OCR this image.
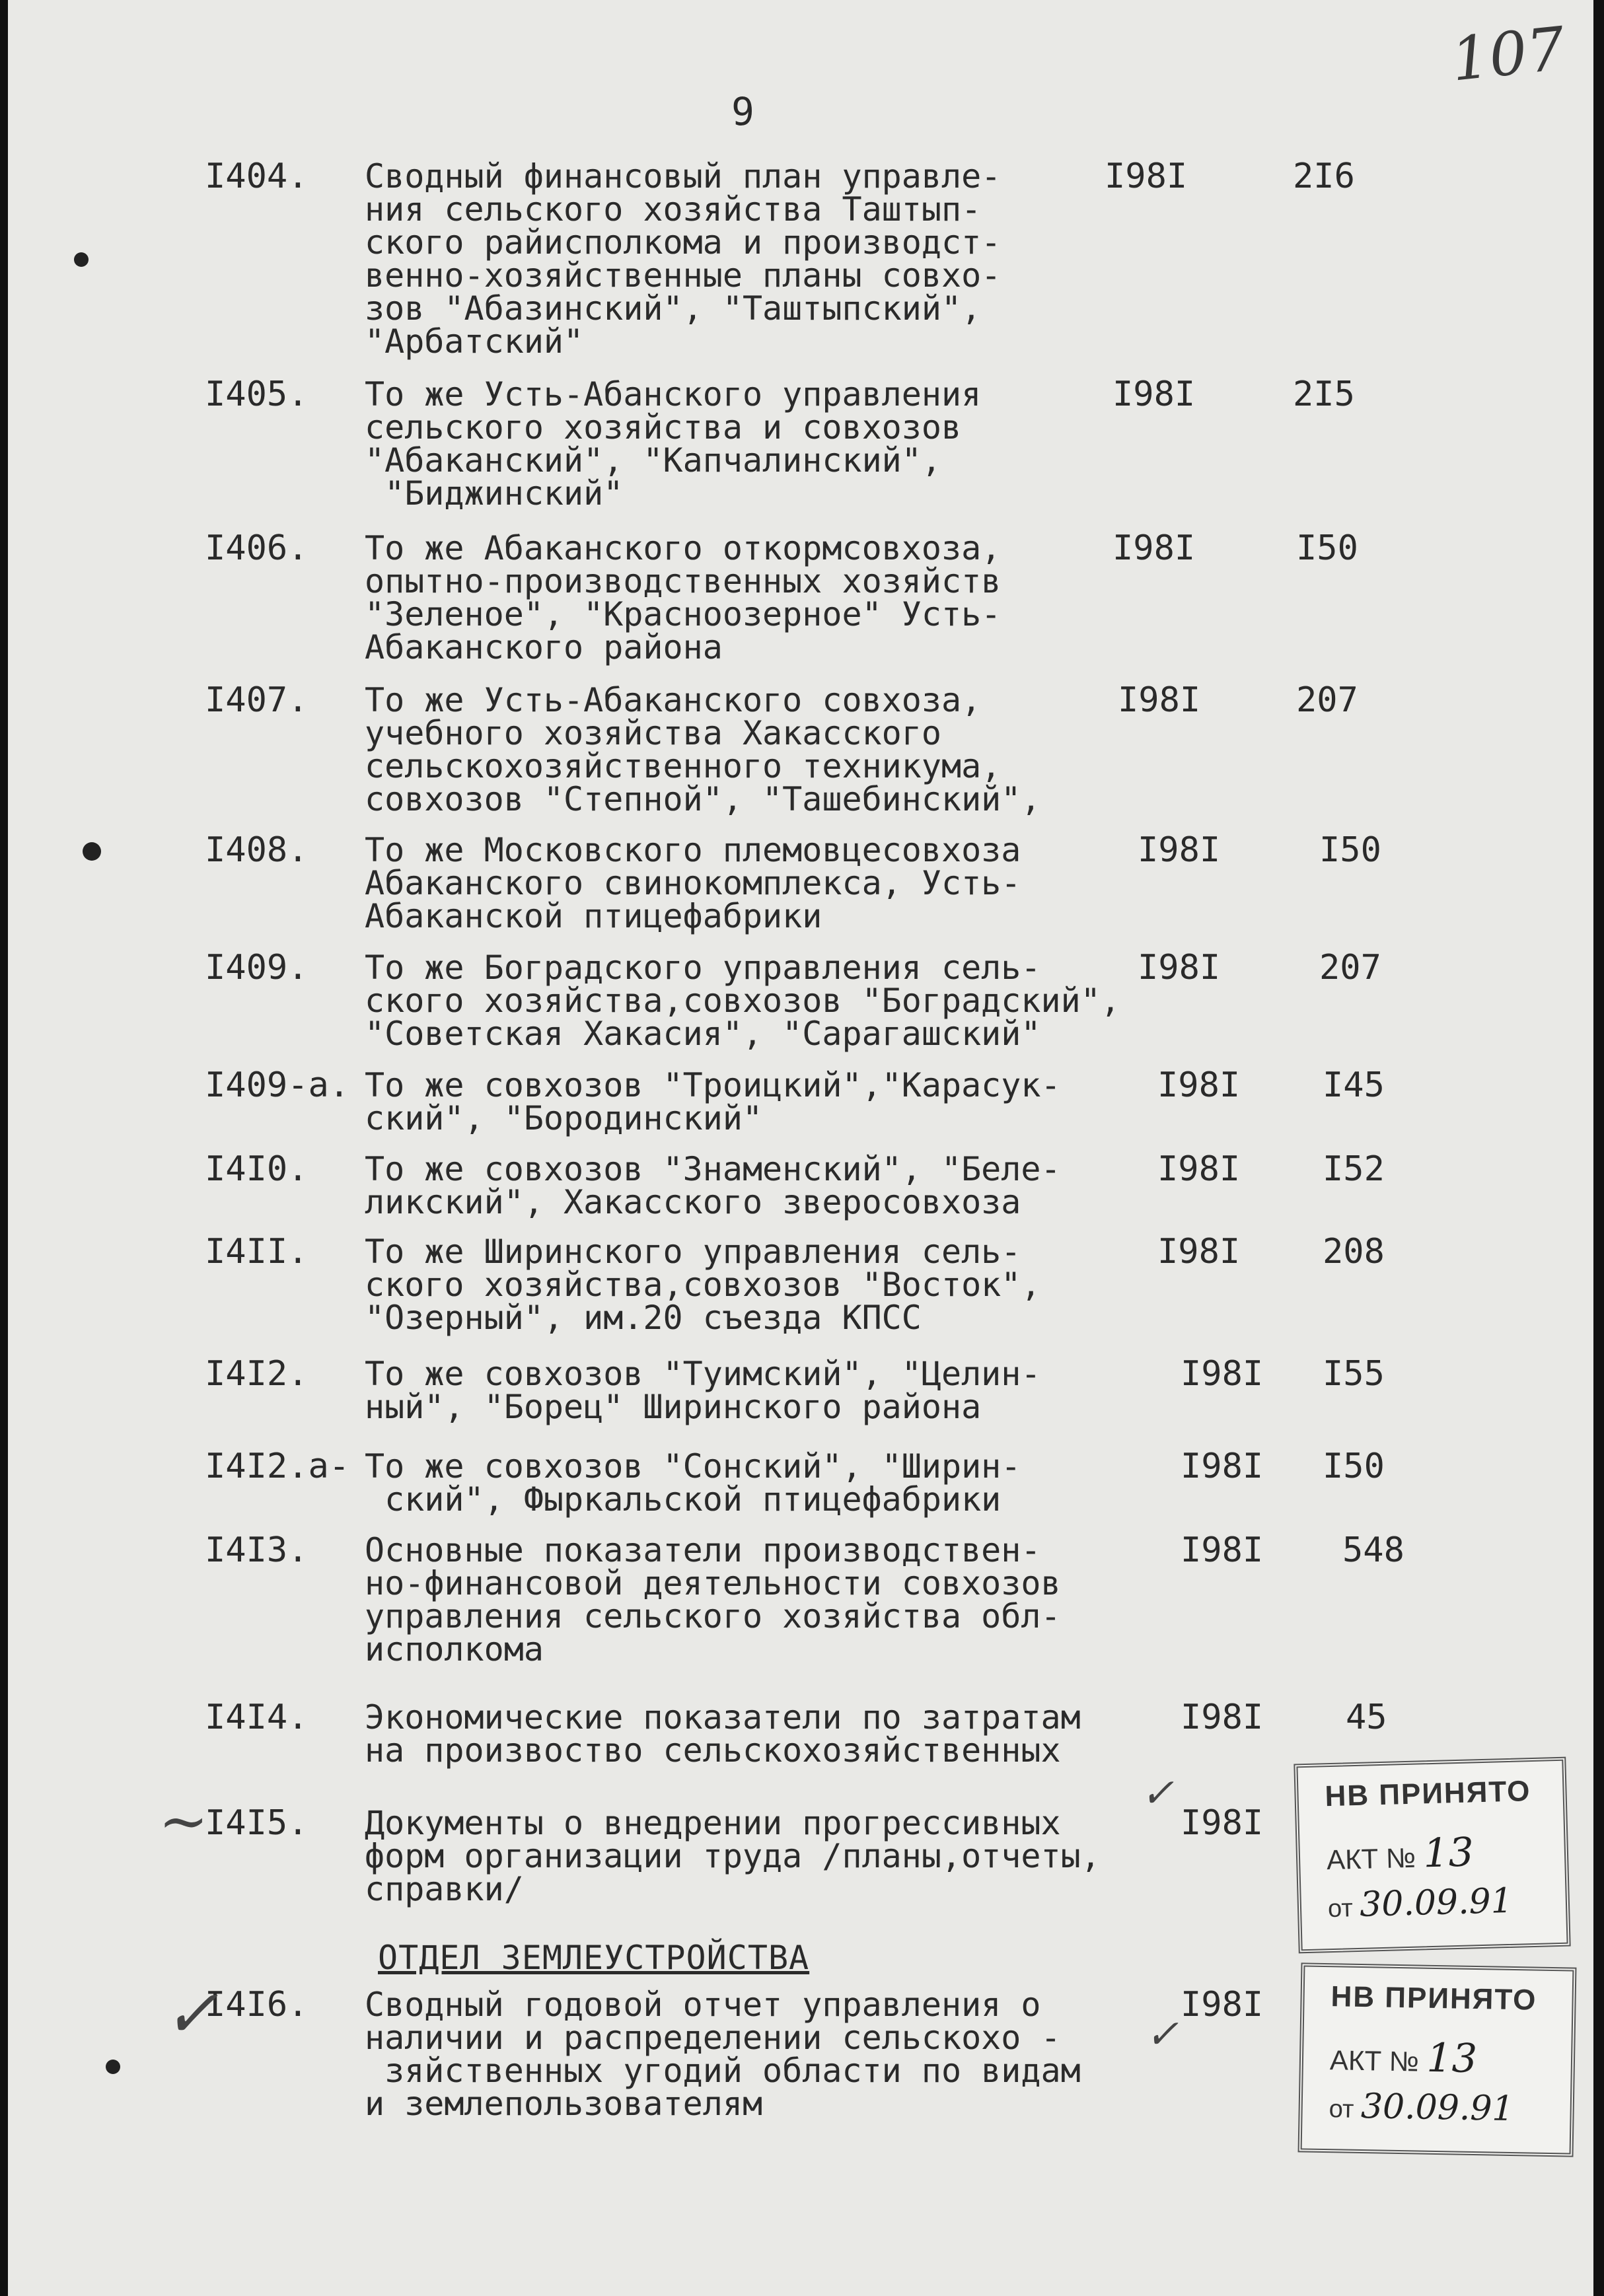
107
9
I404. Сводный финансовый план управле-
ния сельского хозяйства Таштып-
ского райисполкома и производст-
венно-хозяйственные планы совхо-
зов "Абазинский", "Таштыпский",
"Арбатский"
I98I	2I6
I405. То же Усть-Абанского управления
сельского хозяйства и совхозов
"Абаканский", "Капчалинский",
"Биджинский"
I98I	2I5
I406. То же Абаканского откормсовхоза,
опытно-производственных хозяйств
"Зеленое", "Красноозерное" Усть-
Абаканского района
I98I	I50
I407. То же Усть-Абаканского совхоза,
учебного хозяйства Хакасского
сельскохозяйственного техникума,
совхозов "Степной", "Ташебинский",
I98I	207
I408. То же Московского племовцесовхоза
Абаканского свинокомплекса, Усть-
Абаканской птицефабрики
I98I	I50
I409. То же Боградского управления сель-
ского хозяйства,совхозов "Боградский",
"Советская Хакасия", "Сарагашский"
I98I	207
I409-а. То же совхозов "Троицкий","Карасук-
ский", "Бородинский"
I98I I45
I4I0. То же совхозов "Знаменский", "Беле-
ликский", Хакасского зверосовхоза
I98I I52
I4II. То же Ширинского управления сель-
ского хозяйства,совхозов "Восток",
"Озерный", им.20 съезда КПСС
I98I 208
I4I2. То же совхозов "Туимский", "Целин-
ный", "Борец" Ширинского района
I98I I55
I4I2.а- То же совхозов "Сонский", "Ширин-
ский", Фыркальской птицефабрики
I98I I50
I4I3. Основные показатели производствен-
но-финансовой деятельности совхозов
управления сельского хозяйства обл-
исполкома
I98I 548
I4I4. Экономические показатели по затратам
на произвоство сельскохозяйственных
I98I 45
I4I5. Документы о внедрении прогрессивных
форм организации труда /планы,отчеты,
справки/
I98I
I4I6. Сводный годовой отчет управления о
наличии и распределении сельскохо -
зяйственных угодий области по видам
и землепользователям
I98I
ОТДЕЛ ЗЕМЛЕУСТРОЙСТВА
~
✓
✓
✓
НВ ПРИНЯТО
АКТ № 13
от 30.09.91
НВ ПРИНЯТО
АКТ № 13
от 30.09.91
